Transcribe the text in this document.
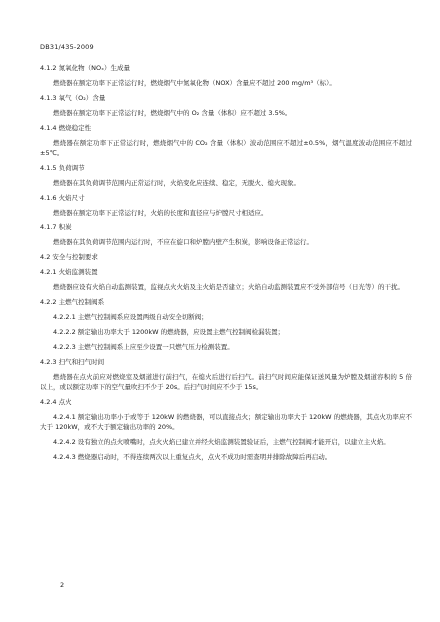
DB31/435-2009
4.1.2 氮氧化物（NOₓ）生成量
燃烧器在额定功率下正常运行时，燃烧烟气中氮氧化物（NOX）含量应不超过 200 mg/m³（标）。
4.1.3 氧气（O₂）含量
燃烧器在额定功率下正常运行时，燃烧烟气中的 O₂ 含量（体积）应不超过 3.5%。
4.1.4 燃烧稳定性
燃烧器在额定功率下正常运行时，燃烧烟气中的 CO₂ 含量（体积）波动范围应不超过±0.5%，烟气温度波动范围应不超过±5℃。
4.1.5 负荷调节
燃烧器在其负荷调节范围内正常运行时，火焰变化应连续、稳定，无脱火、熄火现象。
4.1.6 火焰尺寸
燃烧器在额定功率下正常运行时，火焰的长度和直径应与炉膛尺寸相适应。
4.1.7 积炭
燃烧器在其负荷调节范围内运行时，不应在旋口和炉膛内壁产生积炭，影响设备正常运行。
4.2 安全与控制要求
4.2.1 火焰监测装置
燃烧器应设有火焰自动监测装置，监视点火火焰及主火焰是否建立；火焰自动监测装置应不受外部信号（日光等）的干扰。
4.2.2 主燃气控制阀系
4.2.2.1 主燃气控制阀系应设置两级自动安全切断阀；
4.2.2.2 额定输出功率大于 1200kW 的燃烧器，应设置主燃气控制阀检漏装置；
4.2.2.3 主燃气控制阀系上应至少设置一只燃气压力检测装置。
4.2.3 扫气和扫气时间
燃烧器在点火前应对燃烧室及烟道进行前扫气，在熄火后进行后扫气。前扫气时间应能保证送风量为炉膛及烟道容积的 5 倍以上，或以额定功率下的空气量吹扫不少于 20s。后扫气时间应不少于 15s。
4.2.4 点火
4.2.4.1 额定输出功率小于或等于 120kW 的燃烧器，可以直接点火；额定输出功率大于 120kW 的燃烧器，其点火功率应不大于 120kW，或不大于额定输出功率的 20%。
4.2.4.2 设有独立的点火喷嘴时，点火火焰已建立并经火焰监测装置验证后，主燃气控制阀才能开启，以建立主火焰。
4.2.4.3 燃烧器启动时，不得连续两次以上重复点火，点火不成功时需查明并排除故障后再启动。
2
